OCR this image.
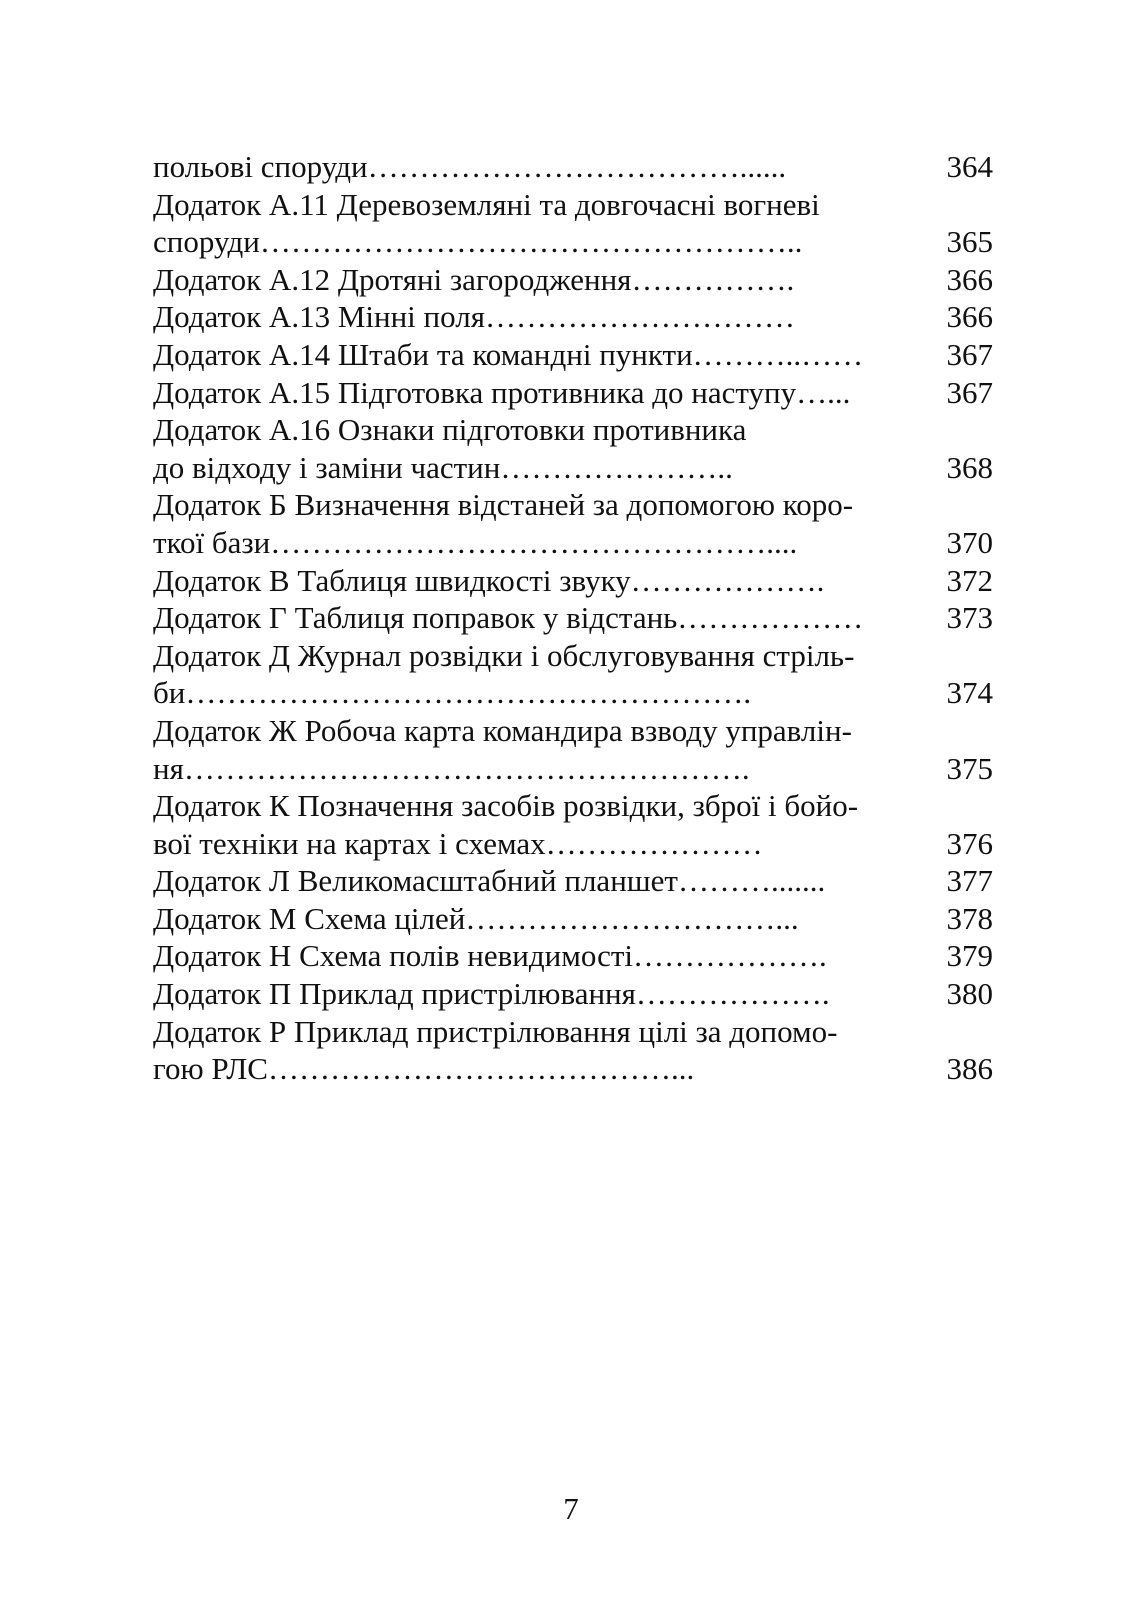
польові споруди………………………………......	364
Додаток А.11 Деревоземляні та довгочасні вогневі
споруди……………………………………………..	365
Додаток А.12 Дротяні загородження…………….	366
Додаток А.13 Мінні поля…………………………	366
Додаток А.14 Штаби та командні пункти………..……	367
Додаток А.15 Підготовка противника до наступу…...	367
Додаток А.16 Ознаки підготовки противника
до відходу і заміни частин…………………..	368
Додаток Б Визначення відстаней за допомогою коро-
ткої бази…………………………………………....	370
Додаток В Таблиця швидкості звуку……………….	372
Додаток Г Таблиця поправок у відстань………………	373
Додаток Д Журнал розвідки і обслуговування стріль-
би……………………………………………….	374
Додаток Ж Робоча карта командира взводу управлін-
ня……………………………………………….	375
Додаток К Позначення засобів розвідки, зброї і бойо-
вої техніки на картах і схемах…………………	376
Додаток Л Великомасштабний планшет……….......	377
Додаток М Схема цілей…………………………...	378
Додаток Н Схема полів невидимості……………….	379
Додаток П Приклад пристрілювання……………….	380
Додаток Р Приклад пристрілювання цілі за допомо-
гою РЛС…………………………………...	386
7
